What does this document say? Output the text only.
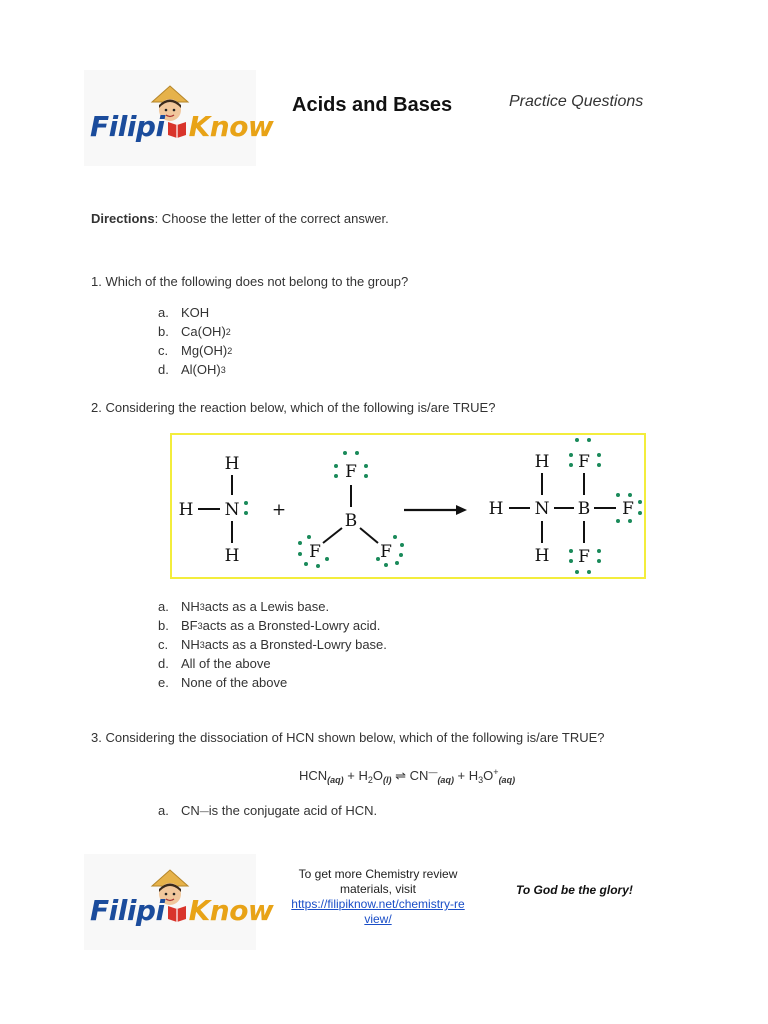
Filipi Know
Acids and Bases	Practice Questions
Directions: Choose the letter of the correct answer.
1. Which of the following does not belong to the group?
a. KOH
b. Ca(OH) 2
c. Mg(OH) 2
d. Al(OH) 3
2. Considering the reaction below, which of the following is/are TRUE?
H
H N
H
+
F
B
F	F
H
H N
H
B
F
F
F
a. NH 3 acts as a Lewis base.
b. BF 3 acts as a Bronsted-Lowry acid.
c. NH 3 acts as a Bronsted-Lowry base.
d. All of the above
e. None of the above
3. Considering the dissociation of HCN shown below, which of the following is/are TRUE?
$HCN_{(aq)} + H_2O_{(l)}$ ⇌ $CN^—_{(aq)} + H_3O^+_{(aq)}$
a. CN — is the conjugate acid of HCN.
Filipi Know
To get more Chemistry review
materials, visit
https://filipiknow.net/chemistry-re
view/
To God be the glory!
